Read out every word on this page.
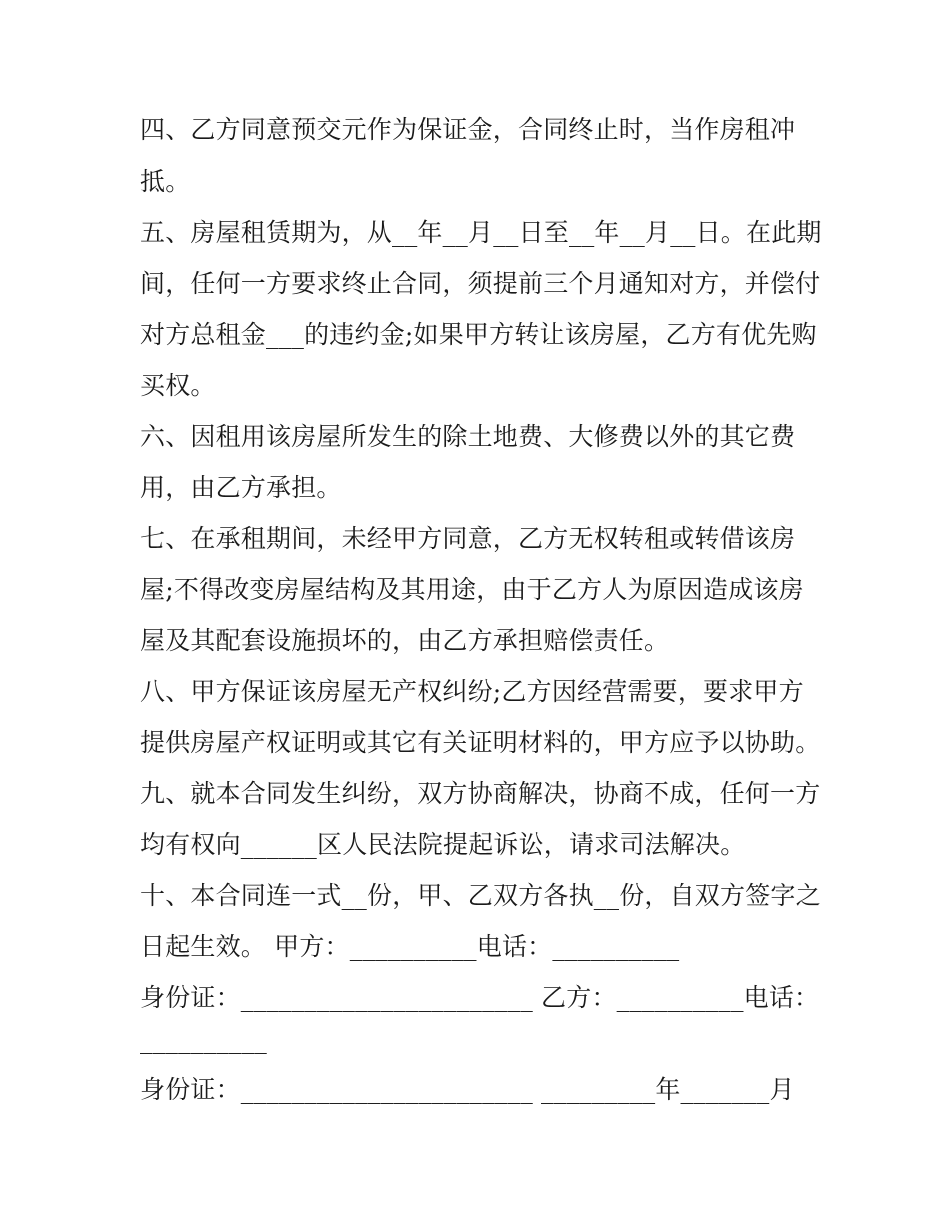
四、乙方同意预交元作为保证金，合同终止时，当作房租冲
抵。
五、房屋租赁期为，从__年__月__日至__年__月__日。在此期
间，任何一方要求终止合同，须提前三个月通知对方，并偿付
对方总租金___的违约金;如果甲方转让该房屋，乙方有优先购
买权。
六、因租用该房屋所发生的除土地费、大修费以外的其它费
用，由乙方承担。
七、在承租期间，未经甲方同意，乙方无权转租或转借该房
屋;不得改变房屋结构及其用途，由于乙方人为原因造成该房
屋及其配套设施损坏的，由乙方承担赔偿责任。
八、甲方保证该房屋无产权纠纷;乙方因经营需要，要求甲方
提供房屋产权证明或其它有关证明材料的，甲方应予以协助。
九、就本合同发生纠纷，双方协商解决，协商不成，任何一方
均有权向______区人民法院提起诉讼，请求司法解决。
十、本合同连一式__份，甲、乙双方各执__份，自双方签字之
日起生效。 甲方：__________电话：__________
身份证：_______________________ 乙方：__________电话：
__________
身份证：_______________________ _________年_______月
